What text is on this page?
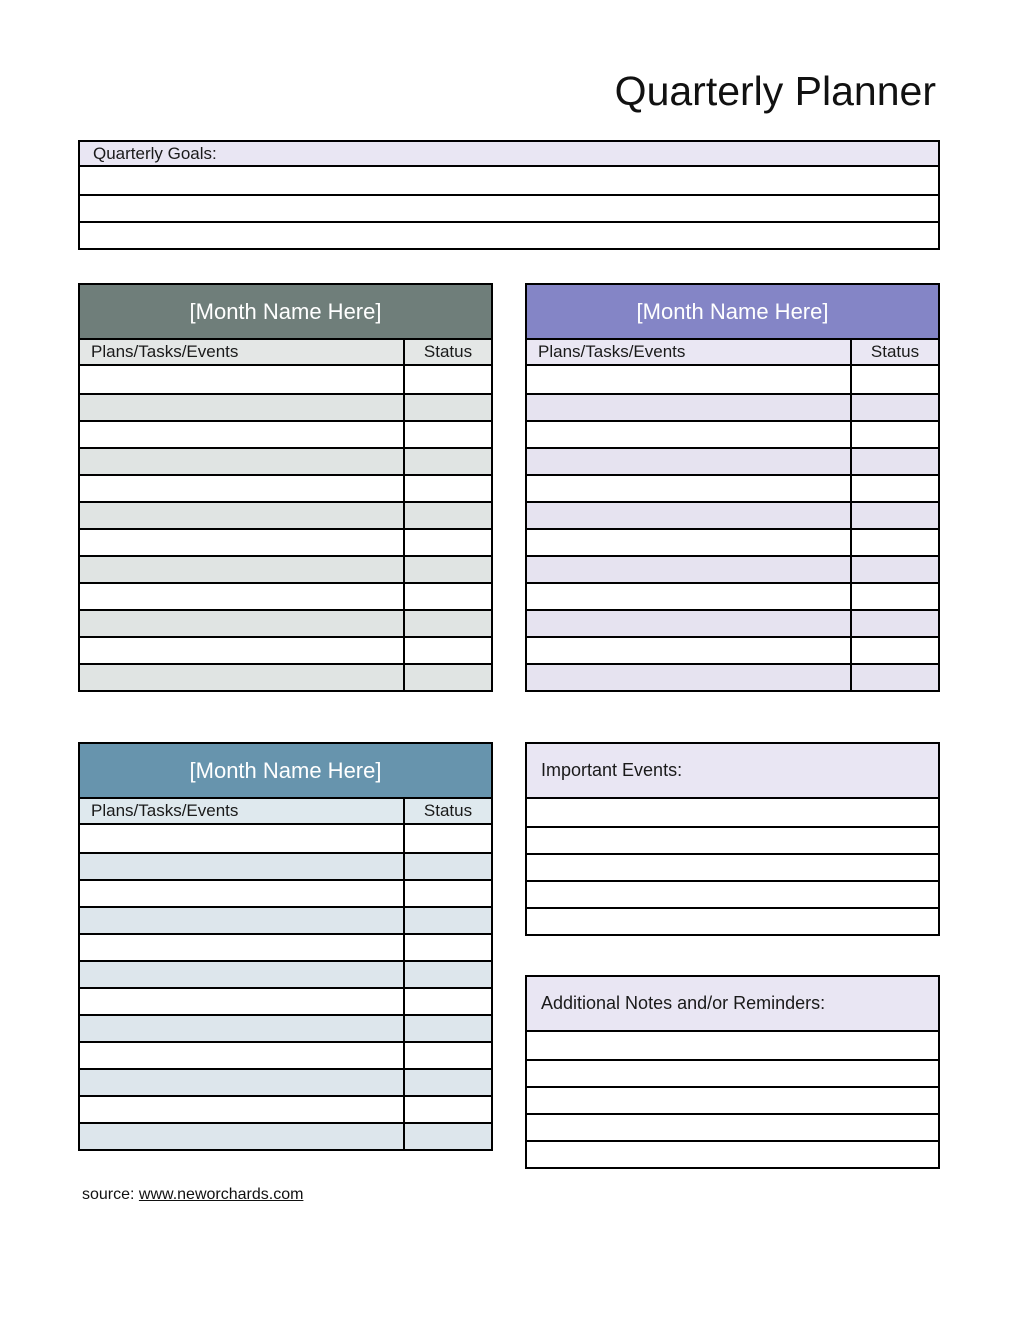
Quarterly Planner
Quarterly Goals:
[Month Name Here]
Plans/Tasks/Events	Status
[Month Name Here]
Plans/Tasks/Events	Status
[Month Name Here]
Plans/Tasks/Events	Status
Important Events:
Additional Notes and/or Reminders:
source: www.neworchards.com
